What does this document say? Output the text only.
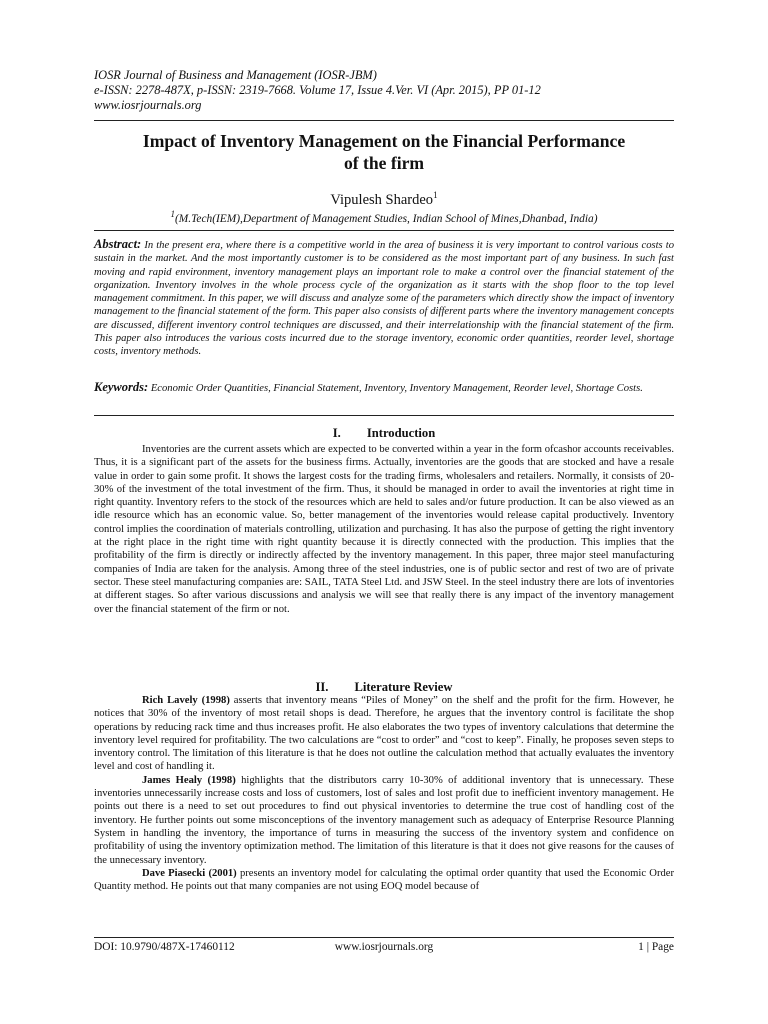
IOSR Journal of Business and Management (IOSR-JBM)
e-ISSN: 2278-487X, p-ISSN: 2319-7668. Volume 17, Issue 4.Ver. VI (Apr. 2015), PP 01-12
www.iosrjournals.org
Impact of Inventory Management on the Financial Performance
of the firm
Vipulesh Shardeo$^1$
$^1$(M.Tech(IEM),Department of Management Studies, Indian School of Mines,Dhanbad, India)
Abstract: In the present era, where there is a competitive world in the area of business it is very important to control various costs to sustain in the market. And the most importantly customer is to be considered as the most important part of any business. In such fast moving and rapid environment, inventory management plays an important role to make a control over the financial statement of the organization. Inventory involves in the whole process cycle of the organization as it starts with the shop floor to the top level management commitment. In this paper, we will discuss and analyze some of the parameters which directly show the impact of inventory management to the financial statement of the form. This paper also consists of different parts where the inventory management concepts are discussed, different inventory control techniques are discussed, and their interrelationship with the financial statement of the firm. This paper also introduces the various costs incurred due to the storage inventory, economic order quantities, reorder level, shortage costs, inventory methods.
Keywords: Economic Order Quantities, Financial Statement, Inventory, Inventory Management, Reorder level, Shortage Costs.
I. Introduction

Inventories are the current assets which are expected to be converted within a year in the form ofcashor accounts receivables. Thus, it is a significant part of the assets for the business firms. Actually, inventories are the goods that are stocked and have a resale value in order to gain some profit. It shows the largest costs for the trading firms, wholesalers and retailers. Normally, it consists of 20-30% of the investment of the total investment of the firm. Thus, it should be managed in order to avail the inventories at right time in right quantity. Inventory refers to the stock of the resources which are held to sales and/or future production. It can be also viewed as an idle resource which has an economic value. So, better management of the inventories would release capital productively. Inventory control implies the coordination of materials controlling, utilization and purchasing. It has also the purpose of getting the right inventory at the right place in the right time with right quantity because it is directly connected with the production. This implies that the profitability of the firm is directly or indirectly affected by the inventory management. In this paper, three major steel manufacturing companies of India are taken for the analysis. Among three of the steel industries, one is of public sector and rest of two are of private sector. These steel manufacturing companies are: SAIL, TATA Steel Ltd. and JSW Steel. In the steel industry there are lots of inventories at different stages. So after various discussions and analysis we will see that really there is any impact of the inventory management over the financial statement of the firm or not.

II. Literature Review

Rich Lavely (1998) asserts that inventory means “Piles of Money” on the shelf and the profit for the firm. However, he notices that 30% of the inventory of most retail shops is dead. Therefore, he argues that the inventory control is facilitate the shop operations by reducing rack time and thus increases profit. He also elaborates the two types of inventory calculations that determine the inventory level required for profitability. The two calculations are “cost to order” and “cost to keep”. Finally, he proposes seven steps to inventory control. The limitation of this literature is that he does not outline the calculation method that actually evaluates the inventory level and cost of handling it.

James Healy (1998) highlights that the distributors carry 10-30% of additional inventory that is unnecessary. These inventories unnecessarily increase costs and loss of customers, lost of sales and lost profit due to inefficient inventory management. He points out there is a need to set out procedures to find out physical inventories to determine the true cost of handling cost of the inventory. He further points out some misconceptions of the inventory management such as adequacy of Enterprise Resource Planning System in handling the inventory, the importance of turns in measuring the success of the inventory system and confidence on profitability of using the inventory optimization method. The limitation of this literature is that it does not give reasons for the causes of the unnecessary inventory.

Dave Piasecki (2001) presents an inventory model for calculating the optimal order quantity that used the Economic Order Quantity method. He points out that many companies are not using EOQ model because of

DOI: 10.9790/487X-17460112	www.iosrjournals.org	1 | Page
